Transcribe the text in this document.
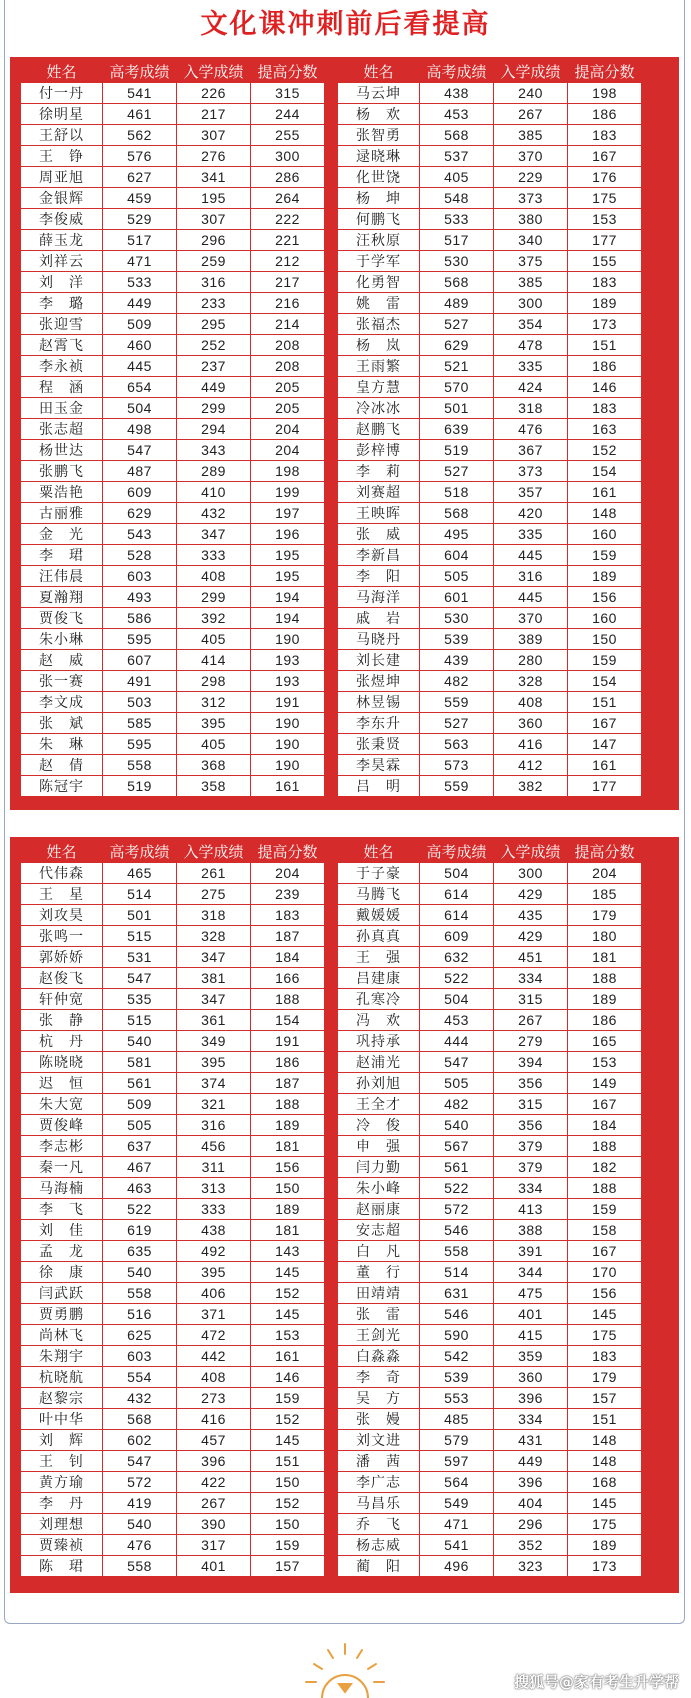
文化课冲刺前后看提高
姓名	高考成绩	入学成绩	提高分数
付一丹	541	226	315
徐明星	461	217	244
王舒以	562	307	255
王　铮	576	276	300
周亚旭	627	341	286
金银辉	459	195	264
李俊威	529	307	222
薛玉龙	517	296	221
刘祥云	471	259	212
刘　洋	533	316	217
李　璐	449	233	216
张迎雪	509	295	214
赵霄飞	460	252	208
李永祯	445	237	208
程　涵	654	449	205
田玉金	504	299	205
张志超	498	294	204
杨世达	547	343	204
张鹏飞	487	289	198
粟浩艳	609	410	199
古丽雅	629	432	197
金　光	543	347	196
李　珺	528	333	195
汪伟晨	603	408	195
夏瀚翔	493	299	194
贾俊飞	586	392	194
朱小琳	595	405	190
赵　威	607	414	193
张一赛	491	298	193
李文成	503	312	191
张　斌	585	395	190
朱　琳	595	405	190
赵　倩	558	368	190
陈冠宇	519	358	161
姓名	高考成绩	入学成绩	提高分数
马云坤	438	240	198
杨　欢	453	267	186
张智勇	568	385	183
逯晓琳	537	370	167
化世饶	405	229	176
杨　坤	548	373	175
何鹏飞	533	380	153
汪秋原	517	340	177
于学军	530	375	155
化勇智	568	385	183
姚　雷	489	300	189
张福杰	527	354	173
杨　岚	629	478	151
王雨繁	521	335	186
皇方慧	570	424	146
冷冰冰	501	318	183
赵鹏飞	639	476	163
彭梓博	519	367	152
李　莉	527	373	154
刘赛超	518	357	161
王映晖	568	420	148
张　威	495	335	160
李新昌	604	445	159
李　阳	505	316	189
马海洋	601	445	156
戚　岩	530	370	160
马晓丹	539	389	150
刘长建	439	280	159
张煜坤	482	328	154
林昱锡	559	408	151
李东升	527	360	167
张秉贤	563	416	147
李昊霖	573	412	161
吕　明	559	382	177
姓名	高考成绩	入学成绩	提高分数
代伟森	465	261	204
王　星	514	275	239
刘攻昊	501	318	183
张鸣一	515	328	187
郭娇娇	531	347	184
赵俊飞	547	381	166
轩仲宽	535	347	188
张　静	515	361	154
杭　丹	540	349	191
陈晓晓	581	395	186
迟　恒	561	374	187
朱大宽	509	321	188
贾俊峰	505	316	189
李志彬	637	456	181
秦一凡	467	311	156
马海楠	463	313	150
李　飞	522	333	189
刘　佳	619	438	181
孟　龙	635	492	143
徐　康	540	395	145
闫武跃	558	406	152
贾勇鹏	516	371	145
尚林飞	625	472	153
朱翔宇	603	442	161
杭晓航	554	408	146
赵黎宗	432	273	159
叶中华	568	416	152
刘　辉	602	457	145
王　钊	547	396	151
黄方瑜	572	422	150
李　丹	419	267	152
刘理想	540	390	150
贾臻祯	476	317	159
陈　珺	558	401	157
姓名	高考成绩	入学成绩	提高分数
于子豪	504	300	204
马腾飞	614	429	185
戴媛媛	614	435	179
孙真真	609	429	180
王　强	632	451	181
吕建康	522	334	188
孔寒冷	504	315	189
冯　欢	453	267	186
巩持承	444	279	165
赵浦光	547	394	153
孙刘旭	505	356	149
王全才	482	315	167
冷　俊	540	356	184
申　强	567	379	188
闫力勤	561	379	182
朱小峰	522	334	188
赵丽康	572	413	159
安志超	546	388	158
白　凡	558	391	167
董　行	514	344	170
田靖靖	631	475	156
张　雷	546	401	145
王剑光	590	415	175
白淼淼	542	359	183
李　奇	539	360	179
吴　方	553	396	157
张　嫚	485	334	151
刘文进	579	431	148
潘　茜	597	449	148
李广志	564	396	168
马昌乐	549	404	145
乔　飞	471	296	175
杨志威	541	352	189
蔺　阳	496	323	173
搜狐号@家有考生升学帮
